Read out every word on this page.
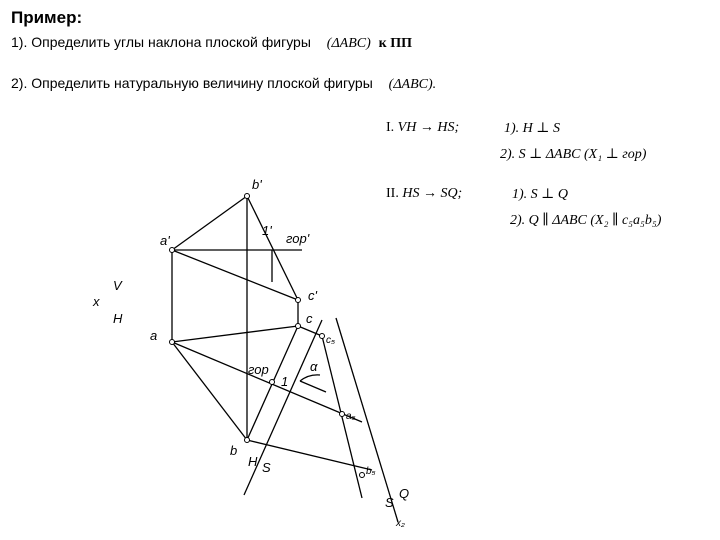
Пример:
1). Определить углы наклона плоской фигуры (ΔABC) к ПП
2). Определить натуральную величину плоской фигуры (ΔABC).
I. VH → HS;	1). H ⊥ S
2). S ⊥ ΔABC (X₁ ⊥ гор)
II. HS → SQ;	1). S ⊥ Q
2). Q ∥ ΔABC (X₂ ∥ c₅a₅b₅)
b'
1'
гор'
a'
c'
x
V
H
a
c
c₅
гор
1
α
a₅
b
H S	b₅
S
Q
x₂
